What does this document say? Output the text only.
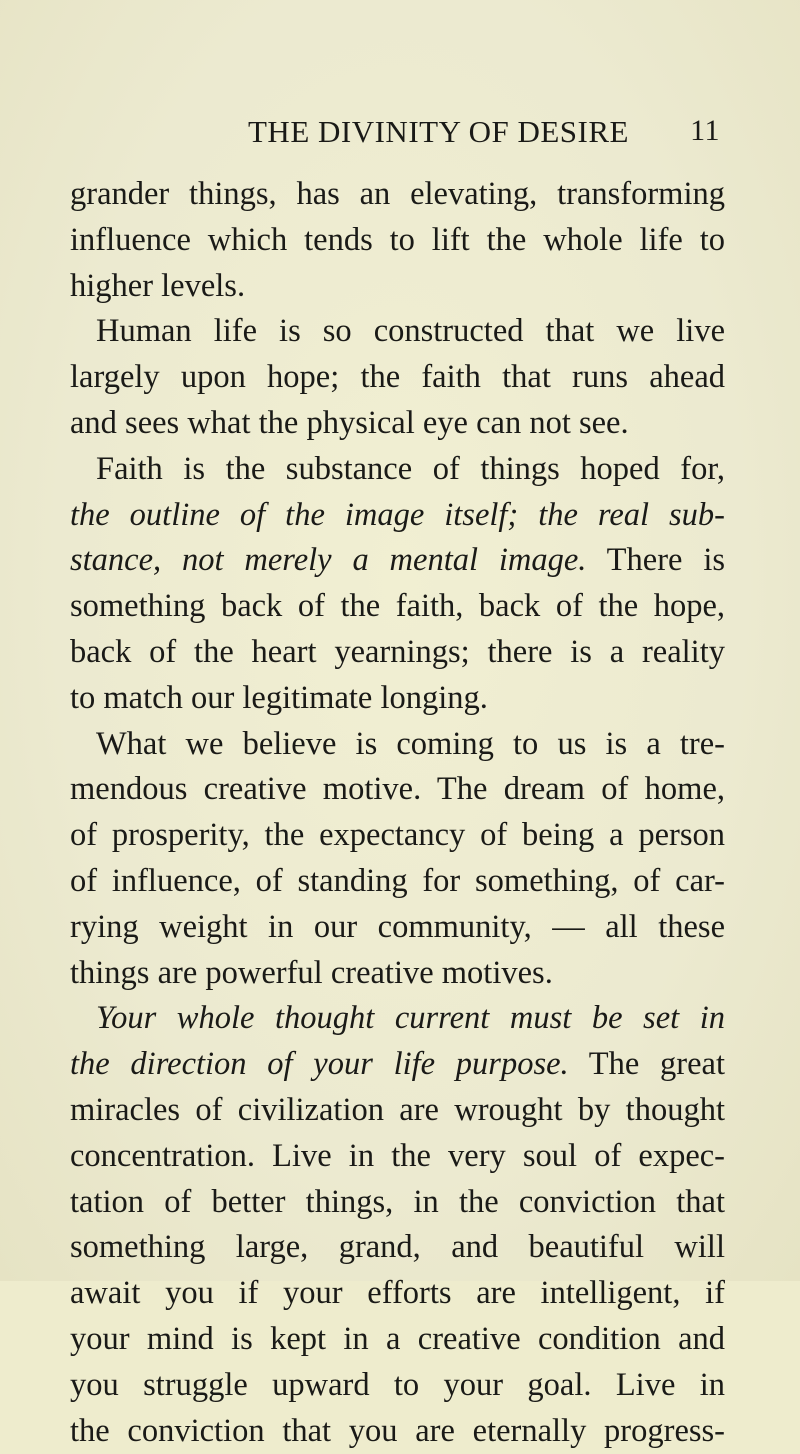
THE DIVINITY OF DESIRE 11
grander things, has an elevating, transforming
influence which tends to lift the whole life to
higher levels.
Human life is so constructed that we live
largely upon hope; the faith that runs ahead
and sees what the physical eye can not see.
Faith is the substance of things hoped for,
the outline of the image itself; the real sub-
stance, not merely a mental image. There is
something back of the faith, back of the hope,
back of the heart yearnings; there is a reality
to match our legitimate longing.
What we believe is coming to us is a tre-
mendous creative motive. The dream of home,
of prosperity, the expectancy of being a person
of influence, of standing for something, of car-
rying weight in our community, — all these
things are powerful creative motives.
Your whole thought current must be set in
the direction of your life purpose. The great
miracles of civilization are wrought by thought
concentration. Live in the very soul of expec-
tation of better things, in the conviction that
something large, grand, and beautiful will
await you if your efforts are intelligent, if
your mind is kept in a creative condition and
you struggle upward to your goal. Live in
the conviction that you are eternally progress-
